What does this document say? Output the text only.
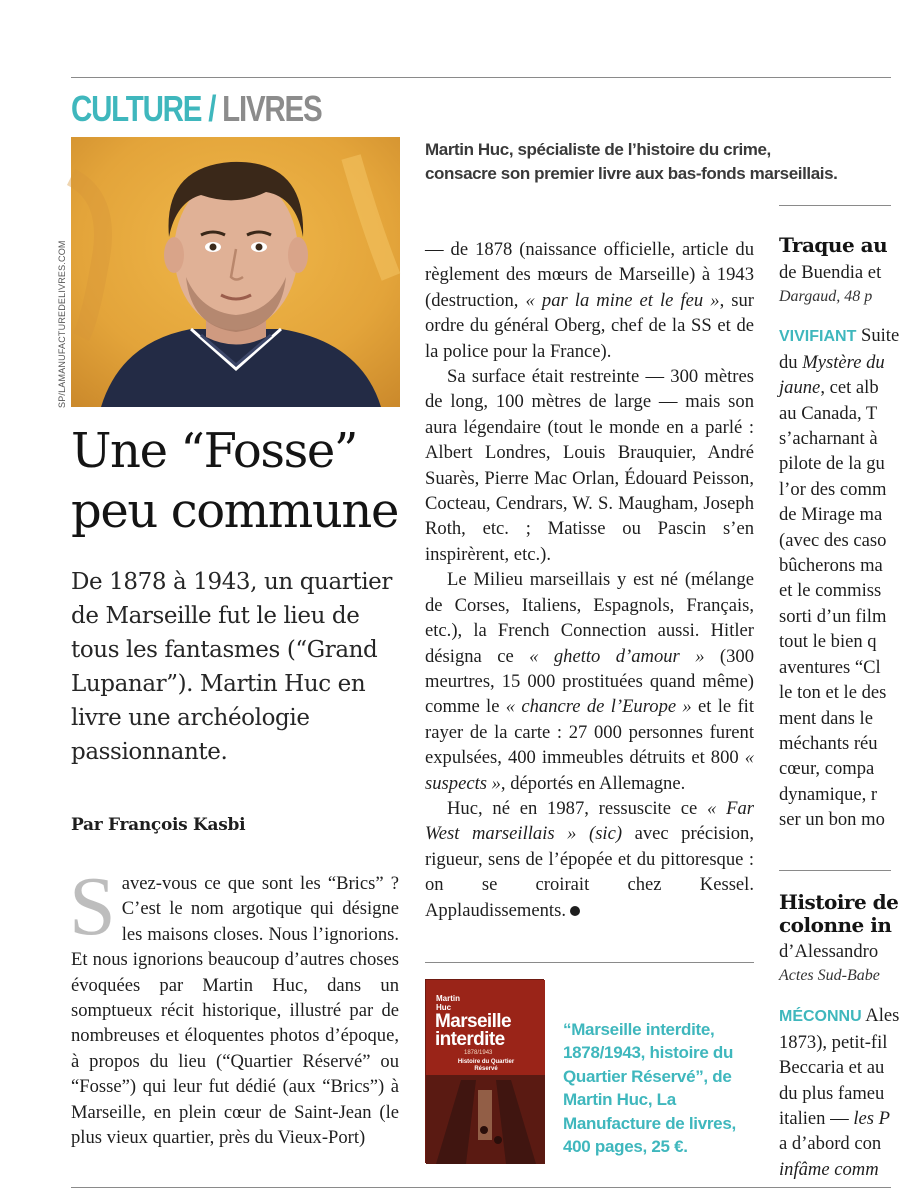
CULTURE / LIVRES
SP/LAMANUFACTUREDELIVRES.COM
Martin Huc, spécialiste de l’histoire du crime,
consacre son premier livre aux bas-fonds marseillais.
Une “Fosse”
peu commune
De 1878 à 1943, un quartier de Marseille fut le lieu de tous les fantasmes (“Grand Lupanar”). Martin Huc en livre une archéologie passionnante.
Par François Kasbi

S avez-vous ce que sont les “Brics” ? C’est le nom argotique qui désigne les maisons closes. Nous l’ignorions. Et nous ignorions beaucoup d’autres choses évoquées par Martin Huc, dans un somptueux récit historique, illustré par de nombreuses et éloquentes photos d’époque, à propos du lieu (“Quartier Réservé” ou “Fosse”) qui leur fut dédié (aux “Brics”) à Marseille, en plein cœur de Saint-Jean (le plus vieux quartier, près du Vieux-Port)

— de 1878 (naissance officielle, article du règlement des mœurs de Marseille) à 1943 (destruction, « par la mine et le feu », sur ordre du général Oberg, chef de la SS et de la police pour la France).

Sa surface était restreinte — 300 mètres de long, 100 mètres de large — mais son aura légendaire (tout le monde en a parlé : Albert Londres, Louis Brauquier, André Suarès, Pierre Mac Orlan, Édouard Peisson, Cocteau, Cendrars, W. S. Maugham, Joseph Roth, etc. ; Matisse ou Pascin s’en inspirèrent, etc.).

Le Milieu marseillais y est né (mélange de Corses, Italiens, Espagnols, Français, etc.), la French Connection aussi. Hitler désigna ce « ghetto d’amour » (300 meurtres, 15 000 prostituées quand même) comme le « chancre de l’Europe » et le fit rayer de la carte : 27 000 personnes furent expulsées, 400 immeubles détruits et 800 « suspects », déportés en Allemagne.

Huc, né en 1987, ressuscite ce « Far West marseillais » (sic) avec précision, rigueur, sens de l’épopée et du pittoresque : on se croirait chez Kessel. Applaudissements.

Martin Huc
Marseille interdite
1878/1943
Histoire du Quartier Réservé
“Marseille interdite, 1878/1943, histoire du Quartier Réservé”, de Martin Huc, La Manufacture de livres, 400 pages, 25 €.
Traque au
de Buendia et
Dargaud, 48 p
VIVIFIANT Suite
du Mystère du
jaune, cet alb
au Canada, T
s’acharnant à
pilote de la gu
l’or des comm
de Mirage ma
(avec des caso
bûcherons ma
et le commiss
sorti d’un film
tout le bien q
aventures “Cl
le ton et le des
ment dans le
méchants réu
cœur, compa
dynamique, r
ser un bon mo
Histoire de
colonne in
d’Alessandro
Actes Sud-Babe
MÉCONNU Ales
1873), petit-fil
Beccaria et au
du plus fameu
italien — les P
a d’abord con
infâme comm
